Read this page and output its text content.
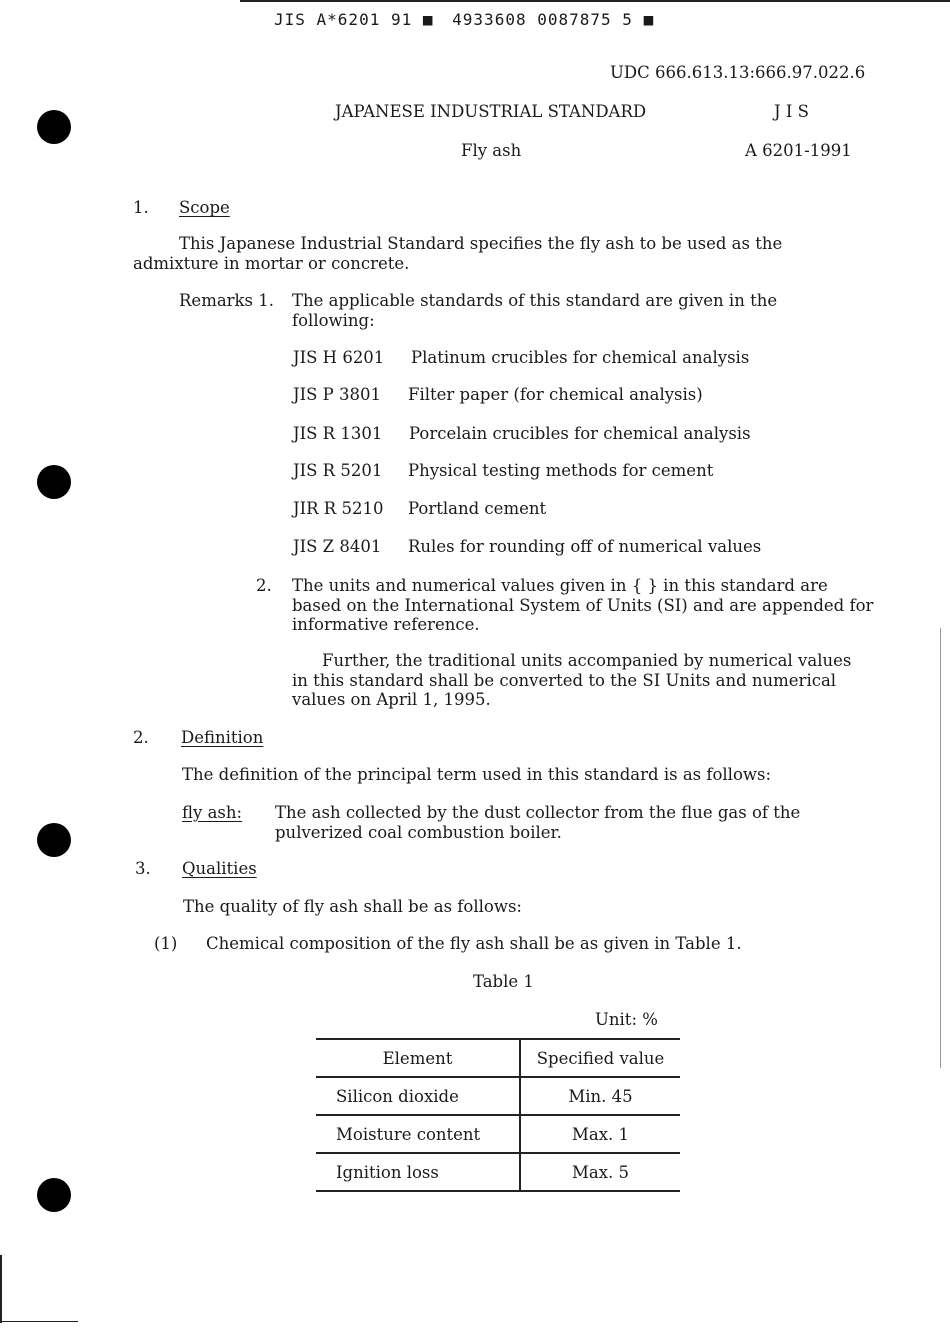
JIS A*6201 91 ■ 4933608 0087875 5 ■
UDC 666.613.13:666.97.022.6
JAPANESE INDUSTRIAL STANDARD	J I S
Fly ash	A 6201-1991
1. Scope
This Japanese Industrial Standard specifies the fly ash to be used as the admixture in mortar or concrete.
Remarks 1. The applicable standards of this standard are given in the following:
JIS H 6201 Platinum crucibles for chemical analysis
JIS P 3801 Filter paper (for chemical analysis)
JIS R 1301 Porcelain crucibles for chemical analysis
JIS R 5201 Physical testing methods for cement
JIR R 5210 Portland cement
JIS Z 8401 Rules for rounding off of numerical values
2. The units and numerical values given in { } in this standard are based on the International System of Units (SI) and are appended for informative reference.
Further, the traditional units accompanied by numerical values in this standard shall be converted to the SI Units and numerical values on April 1, 1995.
2. Definition
The definition of the principal term used in this standard is as follows:
fly ash: The ash collected by the dust collector from the flue gas of the pulverized coal combustion boiler.
3. Qualities
The quality of fly ash shall be as follows:
(1) Chemical composition of the fly ash shall be as given in Table 1.
Table 1
Unit: %
Element	Specified value
Silicon dioxide	Min. 45
Moisture content	Max. 1
Ignition loss	Max. 5
